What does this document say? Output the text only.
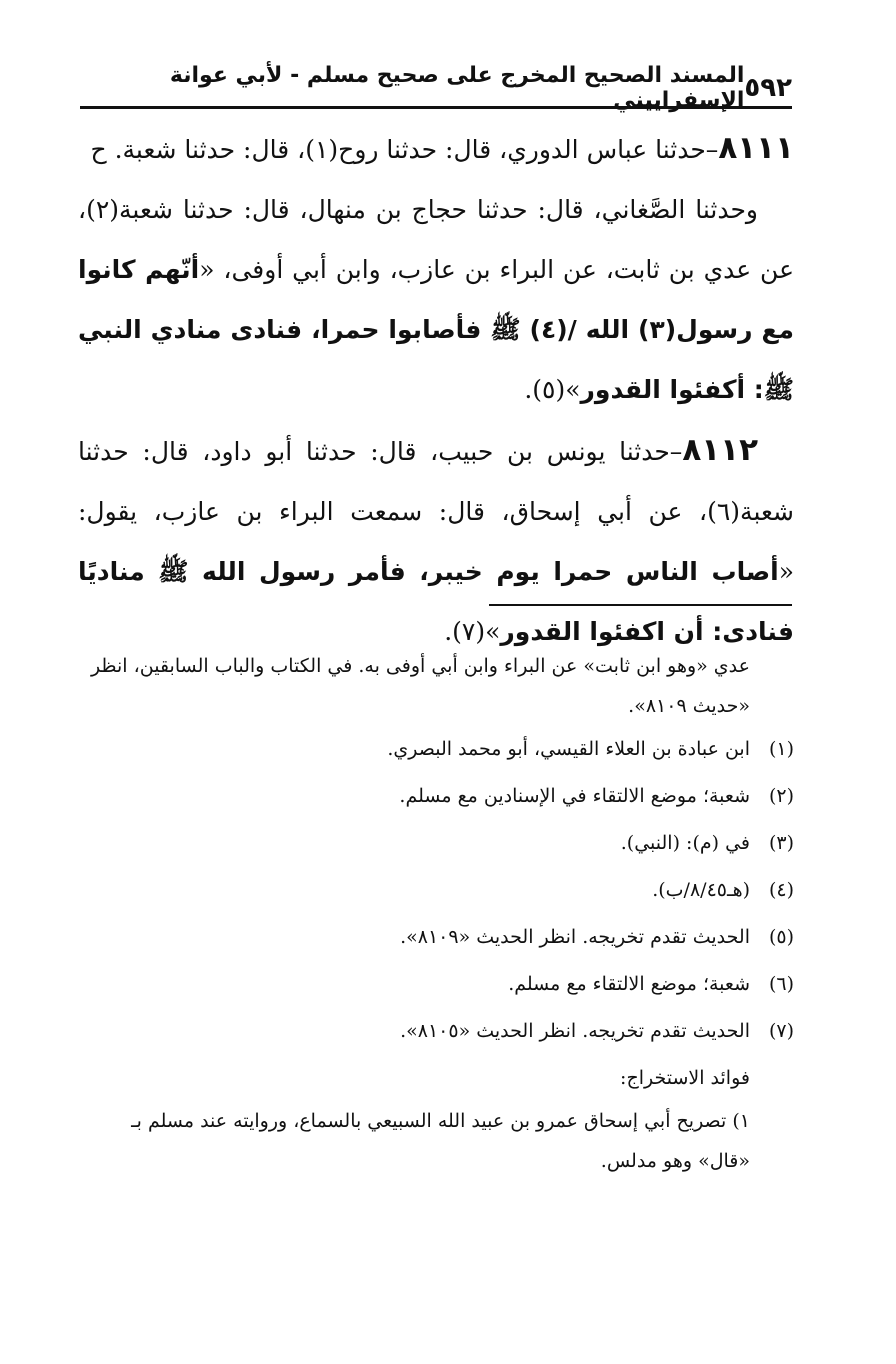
٥٩٢
المسند الصحيح المخرج على صحيح مسلم - لأبي عوانة الإسفراييني

٨١١١–حدثنا عباس الدوري، قال: حدثنا روح(١)، قال: حدثنا شعبة. ح

وحدثنا الصَّغاني، قال: حدثنا حجاج بن منهال، قال: حدثنا شعبة(٢)، عن عدي بن ثابت، عن البراء بن عازب، وابن أبي أوفى، «أنّهم كانوا مع رسول(٣) الله /(٤) ﷺ فأصابوا حمرا، فنادى منادي النبي ﷺ: أكفئوا القدور»(٥).

٨١١٢–حدثنا يونس بن حبيب، قال: حدثنا أبو داود، قال: حدثنا شعبة(٦)، عن أبي إسحاق، قال: سمعت البراء بن عازب، يقول: «أصاب الناس حمرا يوم خيبر، فأمر رسول الله ﷺ مناديًا فنادى: أن اكفئوا القدور»(٧).

عدي «وهو ابن ثابت» عن البراء وابن أبي أوفى به. في الكتاب والباب السابقين، انظر «حديث ٨١٠٩».

(١)
ابن عبادة بن العلاء القيسي، أبو محمد البصري.

(٢)
شعبة؛ موضع الالتقاء في الإسنادين مع مسلم.

(٣)
في (م): (النبي).

(٤)
(هـ٨/٤٥/ب).

(٥)
الحديث تقدم تخريجه. انظر الحديث «٨١٠٩».

(٦)
شعبة؛ موضع الالتقاء مع مسلم.

(٧)
الحديث تقدم تخريجه. انظر الحديث «٨١٠٥».

فوائد الاستخراج:

١) تصريح أبي إسحاق عمرو بن عبيد الله السبيعي بالسماع، وروايته عند مسلم بـ «قال» وهو مدلس.
